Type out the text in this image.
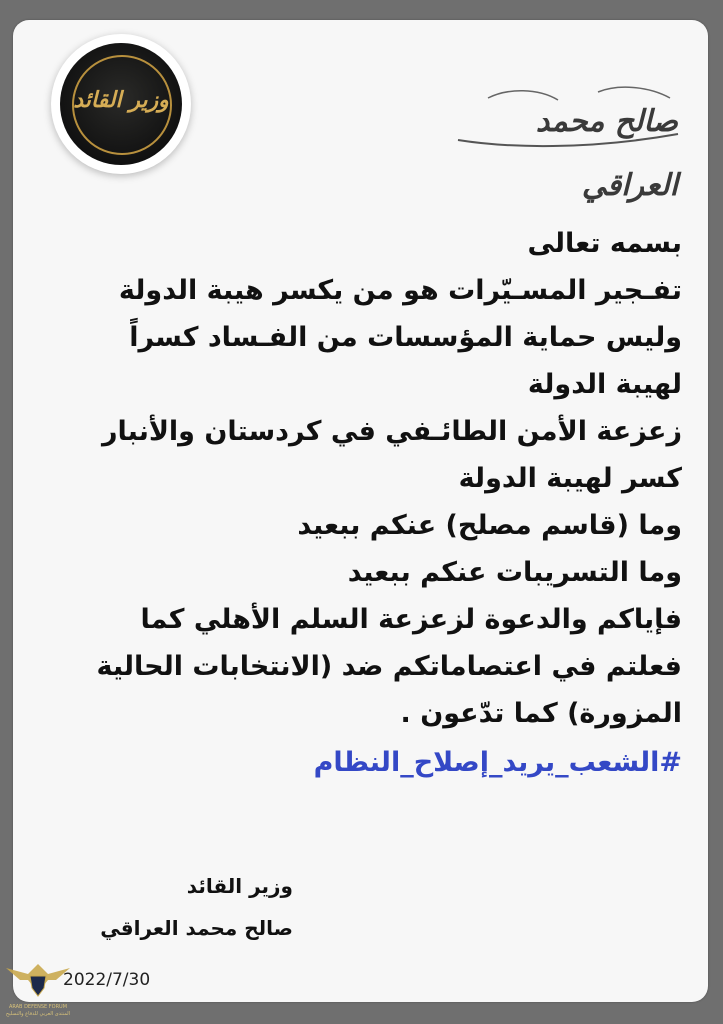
وزير القائد
صالح محمد العراقي
بسمه تعالى
تفـجير المسـيّرات هو من يكسر هيبة الدولة
وليس حماية المؤسسات من الفـساد كسراً
لهيبة الدولة
زعزعة الأمن الطائـفي في كردستان والأنبار
كسر لهيبة الدولة
وما (قاسم مصلح) عنكم ببعيد
وما التسريبات عنكم ببعيد
فإياكم والدعوة لزعزعة السلم الأهلي كما
فعلتم في اعتصاماتكم ضد (الانتخابات الحالية
المزورة) كما تدّعون .
#الشعب_يريد_إصلاح_النظام
وزير القائد
صالح محمد العراقي
2022/7/30
ARAB DEFENSE FORUM
المنتدى العربي للدفاع والتسليح
